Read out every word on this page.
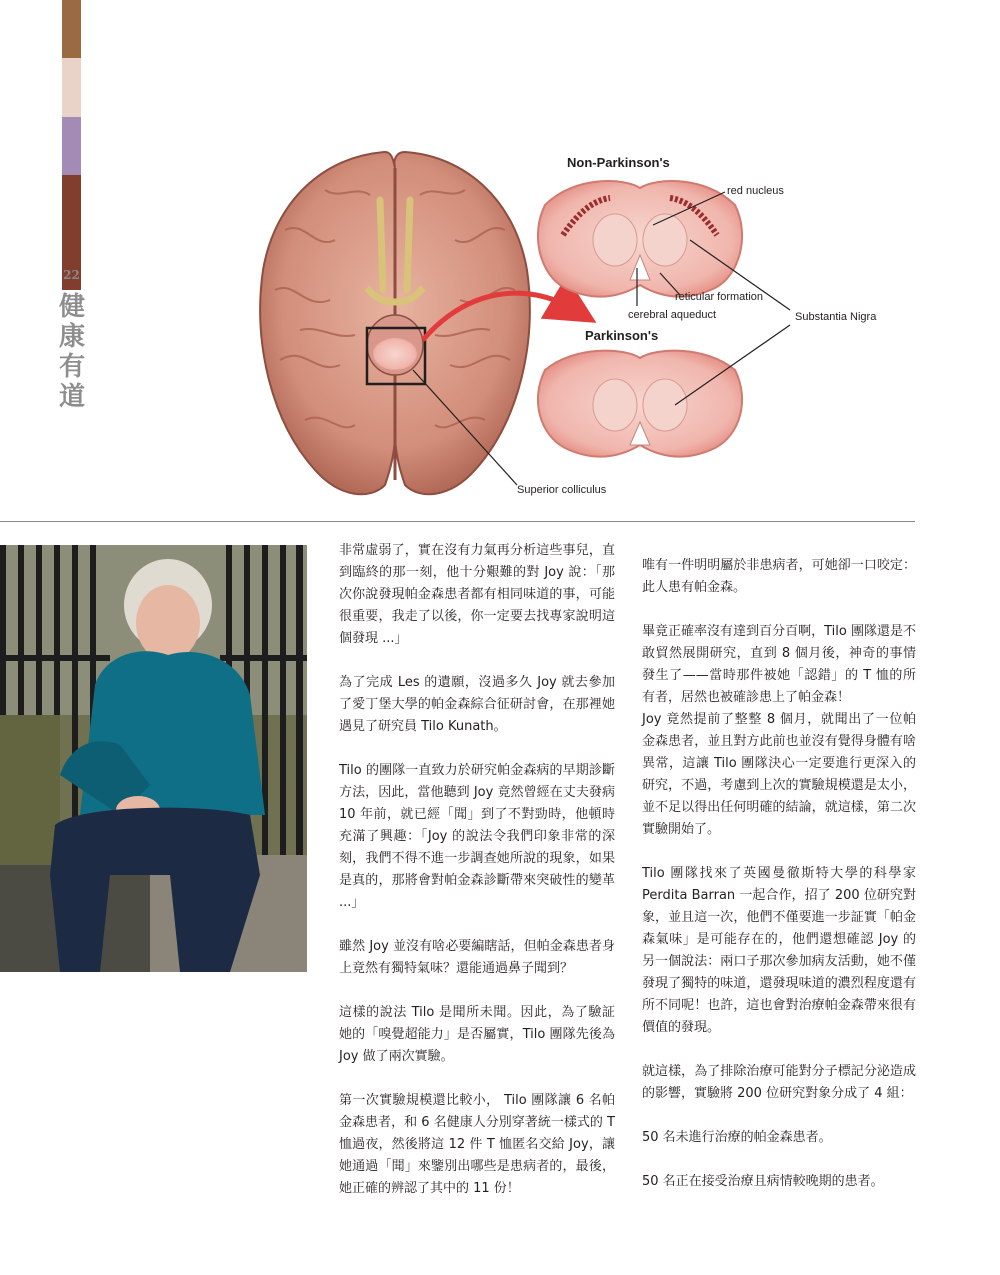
22
健
康
有
道
Non-Parkinson's
Parkinson's
red nucleus
reticular formation
cerebral aqueduct	Substantia Nigra
Superior colliculus

非常虛弱了，實在沒有力氣再分析這些事兒，直到臨終的那一刻，他十分艱難的對 Joy 說：「那次你說發現帕金森患者都有相同味道的事，可能很重要，我走了以後，你一定要去找專家說明這個發現 ...」

為了完成 Les 的遺願，沒過多久 Joy 就去參加了愛丁堡大學的帕金森綜合征研討會，在那裡她遇見了研究員 Tilo Kunath。

Tilo 的團隊一直致力於研究帕金森病的早期診斷方法，因此，當他聽到 Joy 竟然曾經在丈夫發病 10 年前，就已經「聞」到了不對勁時，他頓時充滿了興趣：「Joy 的說法令我們印象非常的深刻，我們不得不進一步調查她所說的現象，如果是真的，那將會對帕金森診斷帶來突破性的變革 ...」

雖然 Joy 並沒有啥必要編瞎話，但帕金森患者身上竟然有獨特氣味？還能通過鼻子聞到？

這樣的說法 Tilo 是聞所未聞。因此，為了驗証她的「嗅覺超能力」是否屬實，Tilo 團隊先後為 Joy 做了兩次實驗。

第一次實驗規模還比較小， Tilo 團隊讓 6 名帕金森患者，和 6 名健康人分別穿著統一樣式的 T 恤過夜，然後將這 12 件 T 恤匿名交給 Joy，讓她通過「聞」來鑒別出哪些是患病者的，最後，她正確的辨認了其中的 11 份！

唯有一件明明屬於非患病者，可她卻一口咬定：此人患有帕金森。

畢竟正確率沒有達到百分百啊，Tilo 團隊還是不敢貿然展開研究，直到 8 個月後，神奇的事情發生了——當時那件被她「認錯」的 T 恤的所有者，居然也被確診患上了帕金森！

Joy 竟然提前了整整 8 個月，就聞出了一位帕金森患者，並且對方此前也並沒有覺得身體有啥異常，這讓 Tilo 團隊決心一定要進行更深入的研究，不過，考慮到上次的實驗規模還是太小，並不足以得出任何明確的結論，就這樣，第二次實驗開始了。

Tilo 團隊找來了英國曼徹斯特大學的科學家 Perdita Barran 一起合作，招了 200 位研究對象，並且這一次，他們不僅要進一步証實「帕金森氣味」是可能存在的，他們還想確認 Joy 的另一個說法：兩口子那次參加病友活動，她不僅發現了獨特的味道，還發現味道的濃烈程度還有所不同呢！也許，這也會對治療帕金森帶來很有價值的發現。

就這樣，為了排除治療可能對分子標記分泌造成的影響，實驗將 200 位研究對象分成了 4 組：

50 名未進行治療的帕金森患者。

50 名正在接受治療且病情較晚期的患者。
